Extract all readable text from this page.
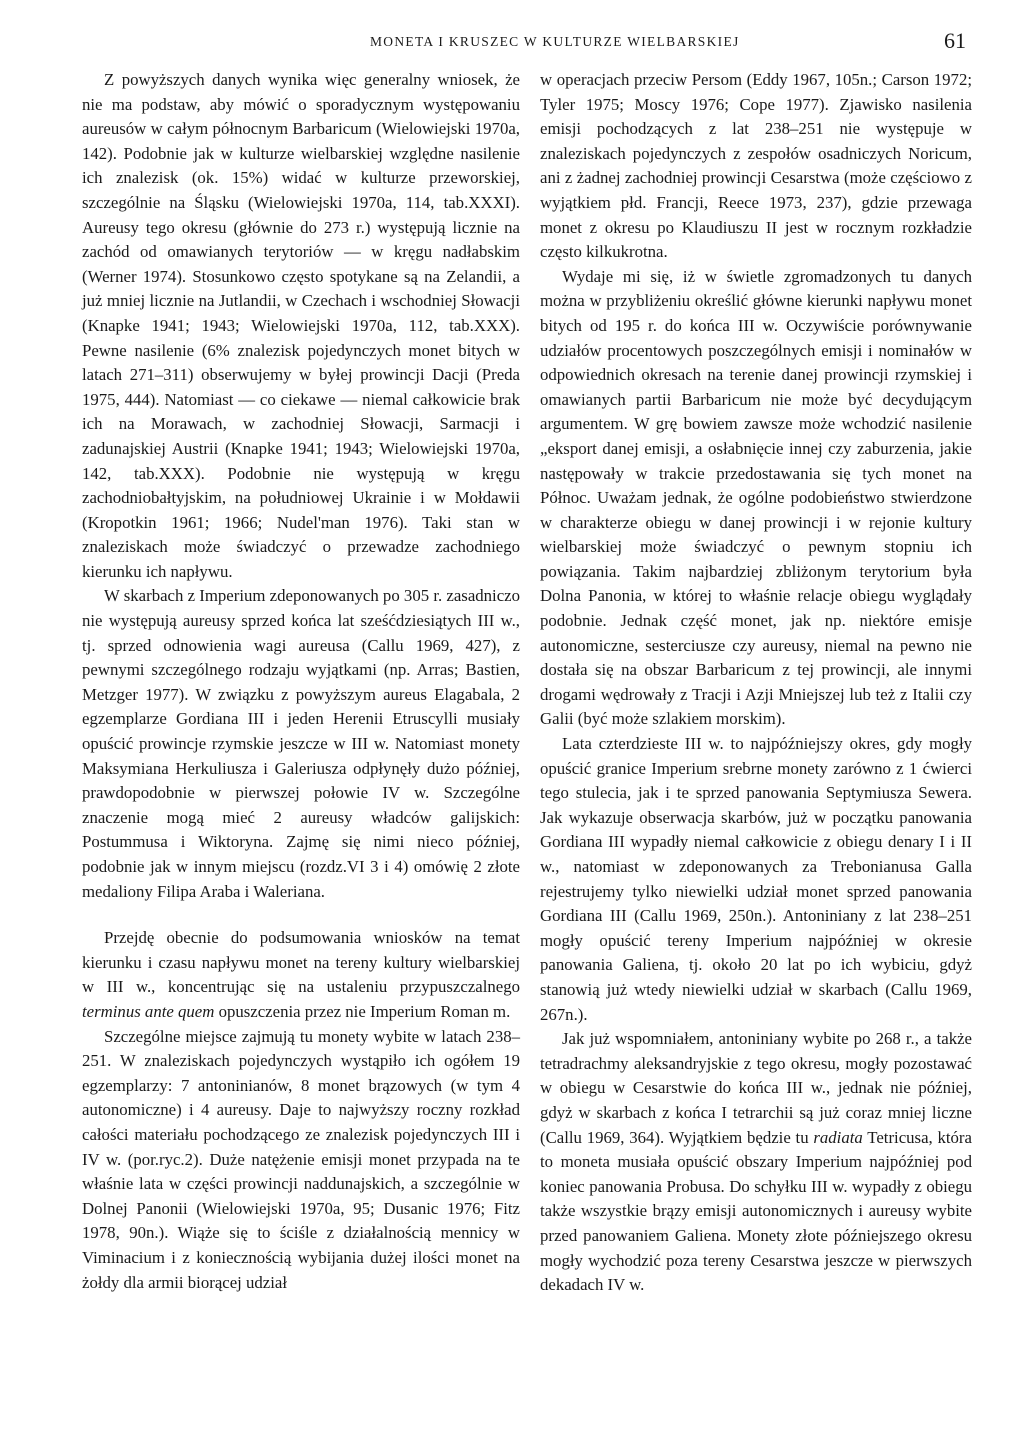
MONETA I KRUSZEC W KULTURZE WIELBARSKIEJ	61

Z powyższych danych wynika więc generalny wniosek, że nie ma podstaw, aby mówić o sporadycznym występowaniu aureusów w całym północnym Barbaricum (Wielowiejski 1970a, 142). Podobnie jak w kulturze wielbarskiej względne nasilenie ich znalezisk (ok. 15%) widać w kulturze przeworskiej, szczególnie na Śląsku (Wielowiejski 1970a, 114, tab.XXXI). Aureusy tego okresu (głównie do 273 r.) występują licznie na zachód od omawianych terytoriów — w kręgu nadłabskim (Werner 1974). Stosunkowo często spotykane są na Zelandii, a już mniej licznie na Jutlandii, w Czechach i wschodniej Słowacji (Knapke 1941; 1943; Wielowiejski 1970a, 112, tab.XXX). Pewne nasilenie (6% znalezisk pojedynczych monet bitych w latach 271–311) obserwujemy w byłej prowincji Dacji (Preda 1975, 444). Natomiast — co ciekawe — niemal całkowicie brak ich na Morawach, w zachodniej Słowacji, Sarmacji i zadunajskiej Austrii (Knapke 1941; 1943; Wielowiejski 1970a, 142, tab.XXX). Podobnie nie występują w kręgu zachodniobałtyjskim, na południowej Ukrainie i w Mołdawii (Kropotkin 1961; 1966; Nudel'man 1976). Taki stan w znaleziskach może świadczyć o przewadze zachodniego kierunku ich napływu.

W skarbach z Imperium zdeponowanych po 305 r. zasadniczo nie występują aureusy sprzed końca lat sześćdziesiątych III w., tj. sprzed odnowienia wagi aureusa (Callu 1969, 427), z pewnymi szczególnego rodzaju wyjątkami (np. Arras; Bastien, Metzger 1977). W związku z powyższym aureus Elagabala, 2 egzemplarze Gordiana III i jeden Herenii Etruscylli musiały opuścić prowincje rzymskie jeszcze w III w. Natomiast monety Maksymiana Herkuliusza i Galeriusza odpłynęły dużo później, prawdopodobnie w pierwszej połowie IV w. Szczególne znaczenie mogą mieć 2 aureusy władców galijskich: Postummusa i Wiktoryna. Zajmę się nimi nieco później, podobnie jak w innym miejscu (rozdz.VI 3 i 4) omówię 2 złote medaliony Filipa Araba i Waleriana.

Przejdę obecnie do podsumowania wniosków na temat kierunku i czasu napływu monet na tereny kultury wielbarskiej w III w., koncentrując się na ustaleniu przypuszczalnego terminus ante quem opuszczenia przez nie Imperium Roman m.

Szczególne miejsce zajmują tu monety wybite w latach 238–251. W znaleziskach pojedynczych wystąpiło ich ogółem 19 egzemplarzy: 7 antoninianów, 8 monet brązowych (w tym 4 autonomiczne) i 4 aureusy. Daje to najwyższy roczny rozkład całości materiału pochodzącego ze znalezisk pojedynczych III i IV w. (por.ryc.2). Duże natężenie emisji monet przypada na te właśnie lata w części prowincji naddunajskich, a szczególnie w Dolnej Panonii (Wielowiejski 1970a, 95; Dusanic 1976; Fitz 1978, 90n.). Wiąże się to ściśle z działalnością mennicy w Viminacium i z koniecznością wybijania dużej ilości monet na żołdy dla armii biorącej udział

w operacjach przeciw Persom (Eddy 1967, 105n.; Carson 1972; Tyler 1975; Moscy 1976; Cope 1977). Zjawisko nasilenia emisji pochodzących z lat 238–251 nie występuje w znaleziskach pojedynczych z zespołów osadniczych Noricum, ani z żadnej zachodniej prowincji Cesarstwa (może częściowo z wyjątkiem płd. Francji, Reece 1973, 237), gdzie przewaga monet z okresu po Klaudiuszu II jest w rocznym rozkładzie często kilkukrotna.

Wydaje mi się, iż w świetle zgromadzonych tu danych można w przybliżeniu określić główne kierunki napływu monet bitych od 195 r. do końca III w. Oczywiście porównywanie udziałów procentowych poszczególnych emisji i nominałów w odpowiednich okresach na terenie danej prowincji rzymskiej i omawianych partii Barbaricum nie może być decydującym argumentem. W grę bowiem zawsze może wchodzić nasilenie „eksport danej emisji, a osłabnięcie innej czy zaburzenia, jakie następowały w trakcie przedostawania się tych monet na Północ. Uważam jednak, że ogólne podobieństwo stwierdzone w charakterze obiegu w danej prowincji i w rejonie kultury wielbarskiej może świadczyć o pewnym stopniu ich powiązania. Takim najbardziej zbliżonym terytorium była Dolna Panonia, w której to właśnie relacje obiegu wyglądały podobnie. Jednak część monet, jak np. niektóre emisje autonomiczne, sesterciusze czy aureusy, niemal na pewno nie dostała się na obszar Barbaricum z tej prowincji, ale innymi drogami wędrowały z Tracji i Azji Mniejszej lub też z Italii czy Galii (być może szlakiem morskim).

Lata czterdzieste III w. to najpóźniejszy okres, gdy mogły opuścić granice Imperium srebrne monety zarówno z 1 ćwierci tego stulecia, jak i te sprzed panowania Septymiusza Sewera. Jak wykazuje obserwacja skarbów, już w początku panowania Gordiana III wypadły niemal całkowicie z obiegu denary I i II w., natomiast w zdeponowanych za Trebonianusa Galla rejestrujemy tylko niewielki udział monet sprzed panowania Gordiana III (Callu 1969, 250n.). Antoniniany z lat 238–251 mogły opuścić tereny Imperium najpóźniej w okresie panowania Galiena, tj. około 20 lat po ich wybiciu, gdyż stanowią już wtedy niewielki udział w skarbach (Callu 1969, 267n.).

Jak już wspomniałem, antoniniany wybite po 268 r., a także tetradrachmy aleksandryjskie z tego okresu, mogły pozostawać w obiegu w Cesarstwie do końca III w., jednak nie później, gdyż w skarbach z końca I tetrarchii są już coraz mniej liczne (Callu 1969, 364). Wyjątkiem będzie tu radiata Tetricusa, która to moneta musiała opuścić obszary Imperium najpóźniej pod koniec panowania Probusa. Do schyłku III w. wypadły z obiegu także wszystkie brązy emisji autonomicznych i aureusy wybite przed panowaniem Galiena. Monety złote późniejszego okresu mogły wychodzić poza tereny Cesarstwa jeszcze w pierwszych dekadach IV w.
